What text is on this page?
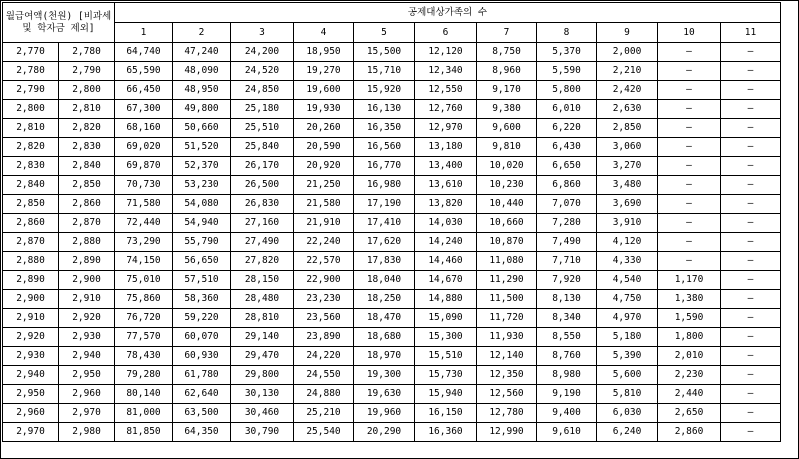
월급여액(천원) [비과세 및 학자금 제외]		공제대상가족의 수										
		1	2	3	4	5	6	7	8	9	10	11
2,770	2,780	64,740	47,240	24,200	18,950	15,500	12,120	8,750	5,370	2,000	–	–
2,780	2,790	65,590	48,090	24,520	19,270	15,710	12,340	8,960	5,590	2,210	–	–
2,790	2,800	66,450	48,950	24,850	19,600	15,920	12,550	9,170	5,800	2,420	–	–
2,800	2,810	67,300	49,800	25,180	19,930	16,130	12,760	9,380	6,010	2,630	–	–
2,810	2,820	68,160	50,660	25,510	20,260	16,350	12,970	9,600	6,220	2,850	–	–
2,820	2,830	69,020	51,520	25,840	20,590	16,560	13,180	9,810	6,430	3,060	–	–
2,830	2,840	69,870	52,370	26,170	20,920	16,770	13,400	10,020	6,650	3,270	–	–
2,840	2,850	70,730	53,230	26,500	21,250	16,980	13,610	10,230	6,860	3,480	–	–
2,850	2,860	71,580	54,080	26,830	21,580	17,190	13,820	10,440	7,070	3,690	–	–
2,860	2,870	72,440	54,940	27,160	21,910	17,410	14,030	10,660	7,280	3,910	–	–
2,870	2,880	73,290	55,790	27,490	22,240	17,620	14,240	10,870	7,490	4,120	–	–
2,880	2,890	74,150	56,650	27,820	22,570	17,830	14,460	11,080	7,710	4,330	–	–
2,890	2,900	75,010	57,510	28,150	22,900	18,040	14,670	11,290	7,920	4,540	1,170	–
2,900	2,910	75,860	58,360	28,480	23,230	18,250	14,880	11,500	8,130	4,750	1,380	–
2,910	2,920	76,720	59,220	28,810	23,560	18,470	15,090	11,720	8,340	4,970	1,590	–
2,920	2,930	77,570	60,070	29,140	23,890	18,680	15,300	11,930	8,550	5,180	1,800	–
2,930	2,940	78,430	60,930	29,470	24,220	18,970	15,510	12,140	8,760	5,390	2,010	–
2,940	2,950	79,280	61,780	29,800	24,550	19,300	15,730	12,350	8,980	5,600	2,230	–
2,950	2,960	80,140	62,640	30,130	24,880	19,630	15,940	12,560	9,190	5,810	2,440	–
2,960	2,970	81,000	63,500	30,460	25,210	19,960	16,150	12,780	9,400	6,030	2,650	–
2,970	2,980	81,850	64,350	30,790	25,540	20,290	16,360	12,990	9,610	6,240	2,860	–
